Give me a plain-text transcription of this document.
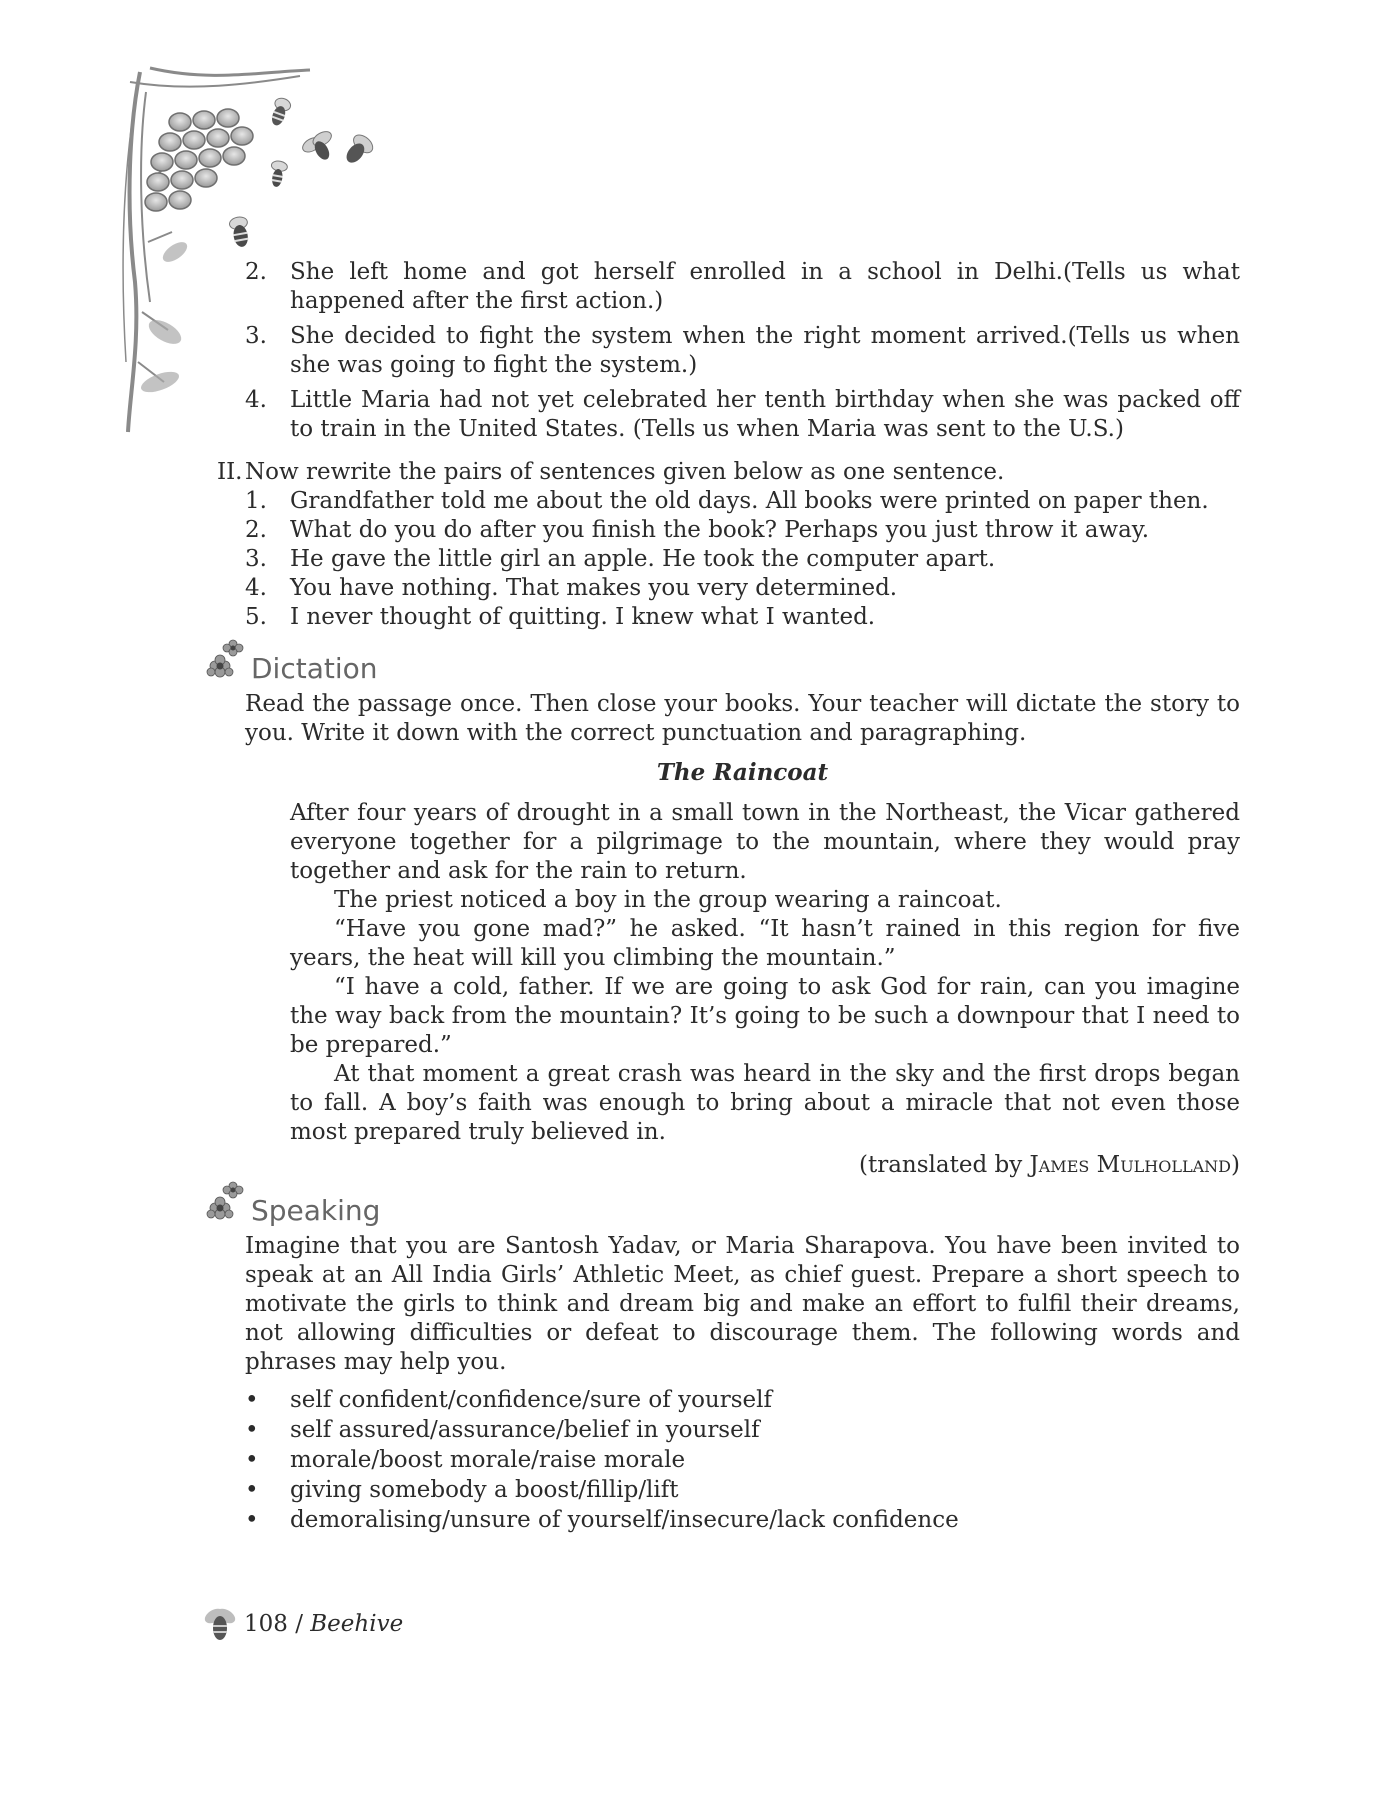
2.	She left home and got herself enrolled in a school in Delhi.(Tells us what happened after the first action.)
3.	She decided to fight the system when the right moment arrived.(Tells us when she was going to fight the system.)
4.	Little Maria had not yet celebrated her tenth birthday when she was packed off to train in the United States. (Tells us when Maria was sent to the U.S.)
II. Now rewrite the pairs of sentences given below as one sentence.
1.	Grandfather told me about the old days. All books were printed on paper then.
2.	What do you do after you finish the book? Perhaps you just throw it away.
3.	He gave the little girl an apple. He took the computer apart.
4.	You have nothing. That makes you very determined.
5.	I never thought of quitting. I knew what I wanted.
Dictation
Read the passage once. Then close your books. Your teacher will dictate the story to you. Write it down with the correct punctuation and paragraphing.
The Raincoat

After four years of drought in a small town in the Northeast, the Vicar gathered everyone together for a pilgrimage to the mountain, where they would pray together and ask for the rain to return.

The priest noticed a boy in the group wearing a raincoat.

“Have you gone mad?” he asked. “It hasn’t rained in this region for five years, the heat will kill you climbing the mountain.”

“I have a cold, father. If we are going to ask God for rain, can you imagine the way back from the mountain? It’s going to be such a downpour that I need to be prepared.”

At that moment a great crash was heard in the sky and the first drops began to fall. A boy’s faith was enough to bring about a miracle that not even those most prepared truly believed in.

(translated by James Mulholland)
Speaking
Imagine that you are Santosh Yadav, or Maria Sharapova. You have been invited to speak at an All India Girls’ Athletic Meet, as chief guest. Prepare a short speech to motivate the girls to think and dream big and make an effort to fulfil their dreams, not allowing difficulties or defeat to discourage them. The following words and phrases may help you.
•	self confident/confidence/sure of yourself
•	self assured/assurance/belief in yourself
•	morale/boost morale/raise morale
•	giving somebody a boost/fillip/lift
•	demoralising/unsure of yourself/insecure/lack confidence
108 / Beehive
